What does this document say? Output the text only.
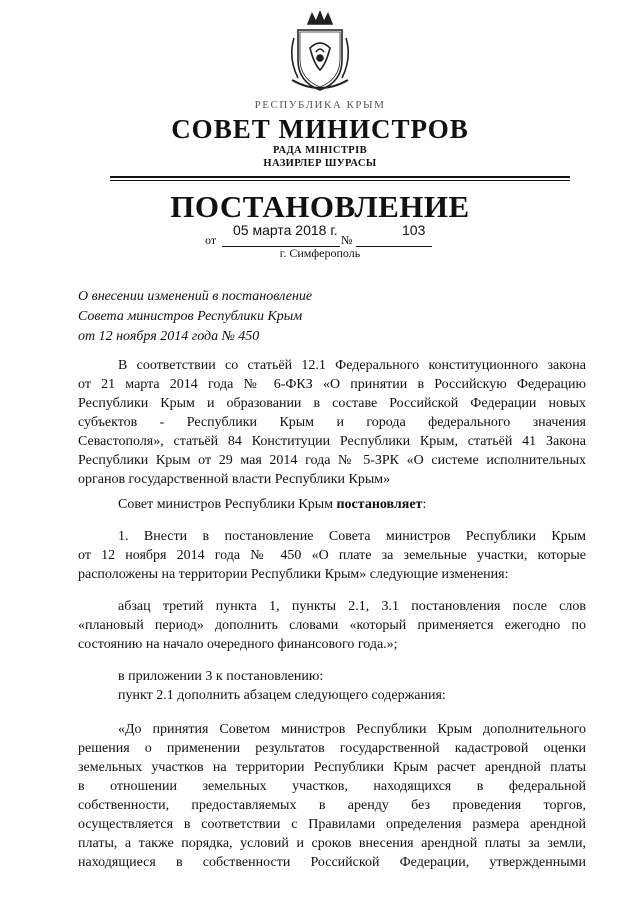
РЕСПУБЛИКА КРЫМ
СОВЕТ МИНИСТРОВ
РАДА МІНІСТРІВ
НАЗИРЛЕР ШУРАСЫ
ПОСТАНОВЛЕНИЕ
05 марта 2018 г.	103
от	№
г. Симферополь
О внесении изменений в постановление
Совета министров Республики Крым
от 12 ноября 2014 года № 450
В соответствии со статьёй 12.1 Федерального конституционного закона
от 21 марта 2014 года № 6-ФКЗ «О принятии в Российскую Федерацию
Республики Крым и образовании в составе Российской Федерации новых
субъектов - Республики Крым и города федерального значения
Севастополя», статьёй 84 Конституции Республики Крым, статьёй 41 Закона
Республики Крым от 29 мая 2014 года № 5-ЗРК «О системе исполнительных
органов государственной власти Республики Крым»
Совет министров Республики Крым постановляет:
1. Внести в постановление Совета министров Республики Крым
от 12 ноября 2014 года № 450 «О плате за земельные участки, которые
расположены на территории Республики Крым» следующие изменения:
абзац третий пункта 1, пункты 2.1, 3.1 постановления после слов
«плановый период» дополнить словами «который применяется ежегодно по
состоянию на начало очередного финансового года.»;
в приложении 3 к постановлению:
пункт 2.1 дополнить абзацем следующего содержания:
«До принятия Советом министров Республики Крым дополнительного
решения о применении результатов государственной кадастровой оценки
земельных участков на территории Республики Крым расчет арендной платы
в отношении земельных участков, находящихся в федеральной
собственности, предоставляемых в аренду без проведения торгов,
осуществляется в соответствии с Правилами определения размера арендной
платы, а также порядка, условий и сроков внесения арендной платы за земли,
находящиеся в собственности Российской Федерации, утвержденными
